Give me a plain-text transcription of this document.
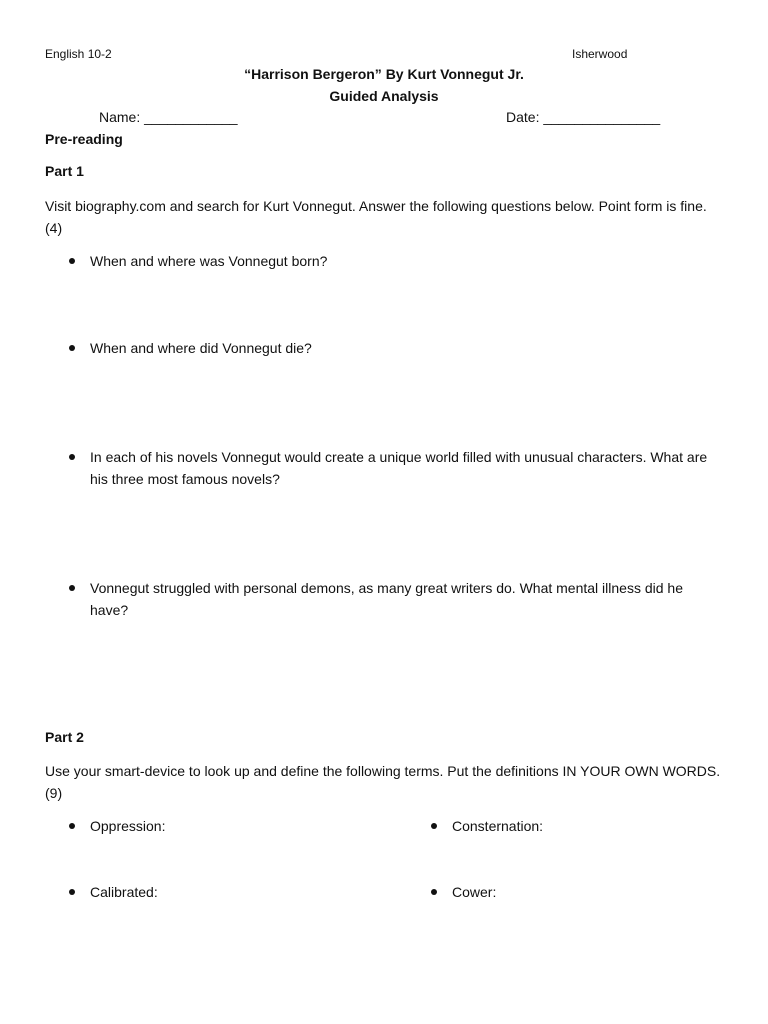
English 10-2	Isherwood
“Harrison Bergeron” By Kurt Vonnegut Jr.
Guided Analysis
Name: ____________	Date: _______________
Pre-reading
Part 1
Visit biography.com and search for Kurt Vonnegut. Answer the following questions below. Point form is fine. (4)
When and where was Vonnegut born?
When and where did Vonnegut die?
In each of his novels Vonnegut would create a unique world filled with unusual characters. What are his three most famous novels?
Vonnegut struggled with personal demons, as many great writers do. What mental illness did he have?
Part 2
Use your smart-device to look up and define the following terms. Put the definitions IN YOUR OWN WORDS. (9)
Oppression:	Consternation:
Calibrated:	Cower:
